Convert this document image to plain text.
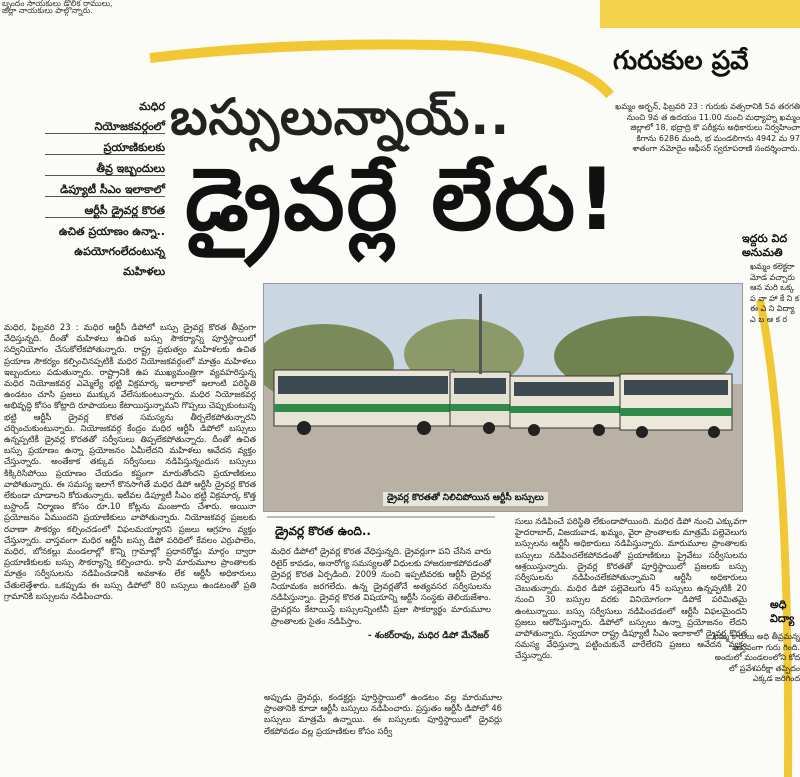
బృందం సాయకులు డొలిక రాములు,
జిల్లా నాయకులు పాల్గొన్నారు.
గురుకుల ప్రవే
ఖమ్మం అర్బన్, ఫిబ్రవరి 23 : గురుకు వత్సరానికి 5వ తరగతి నుంచి 9వ త ఉదయం 11.00 నుంచి మధ్యాహ్న ఖమ్మం జిల్లాలో 18, భద్రాద్రి కొ పరీక్షను అధికారులు నిర్వహించా కిగాను 6286 మంది, భ మండలిగాను 4942 మ 97 శాతంగా నమోదైం ఆఫీసర్ స్వరూపరాణి సందర్శించారు.
ఇద్దరు విద అనుమతి
ఖమ్మం కలెక్టరా మోడ వచ్చారు ఆన మరి ఒక్క ప వా హా కే ని క ఈ ఎ ని విద్యా ఎ బ ఆ క ర
అధి విద్యా
ఖమ్మ కారులు అధి తీవ్రమన్న వాస్తవంగా గురు గింది. అందులో మండలంలోని కోద లో ప్రవేశపరీక్షా తప్పిదం ఎక్కడ జరిగింద
బస్సులున్నాయ్..
డ్రైవర్లే లేరు!
మధిర
నియోజకవర్గంలో
ప్రయాణికులకు
తీవ్ర ఇబ్బందులు
డిప్యూటీ సీఎం ఇలాకాలో
ఆర్టీసీ డ్రైవర్ల కొరత
ఉచిత ప్రయాణం ఉన్నా..
ఉపయోగంలేదంటున్న
మహిళలు
మధిర, ఫిబ్రవరి 23 : మధిర ఆర్టీసీ డిపోలో బస్సు డ్రైవర్ల కొరత తీవ్రంగా వేధిస్తున్నది. దీంతో మహిళలు ఉచిత బస్సు సౌకర్యాన్ని పూర్తిస్థాయిలో సద్వినియోగం చేసుకోలేకపోతున్నారు. రాష్ట్ర ప్రభుత్వం మహిళలకు ఉచిత ప్రయాణ సౌకర్యం కల్పించినప్పటికీ మధిర నియోజకవర్గంలో మాత్రం మహిళలు ఇబ్బందులు పడుతున్నారు. రాష్ట్రానికి ఉప ముఖ్యమంత్రిగా వ్యవహరిస్తున్న మధిర నియోజకవర్గ ఎమ్మెల్యే భట్టి విక్రమార్క ఇలాకాలో ఇలాంటి పరిస్థితి ఉండటం చూసి ప్రజలు ముక్కున వేలేసుకుంటున్నారు. మధిర నియోజకవర్గ అభివృద్ధి కోసం కోట్లాది రూపాయలు కేటాయిస్తున్నామని గొప్పలు చెప్పుకుంటున్న భట్టి ఆర్టీసీ డ్రైవర్ల కొరత సమస్యను తీర్చలేకపోతున్నారని చర్చించుకుంటున్నారు. నియోజకవర్గ కేంద్రం మధిర ఆర్టీసీ డిపోలో బస్సులు ఉన్నప్పటికీ డ్రైవర్ల కొరతతో సర్వీసులు తిప్పలేకపోతున్నారు. దీంతో ఉచిత బస్సు ప్రయాణం ఉన్నా ప్రయోజనం ఏమీలేదని మహిళలు ఆవేదన వ్యక్తం చేస్తున్నారు. అంతేకాక తక్కువ సర్వీసులు నడిపిస్తున్నందున బస్సులు కిక్కిరిసిపోయి ప్రయాణం చేయడం కష్టంగా మారుతోందని ప్రయాణికులు వాపోతున్నారు. ఈ సమస్య ఇలాగే కొనసాగితే మధిర డిపో ఆర్టీసీ డ్రైవర్ల కొరత లేకుండా చూడాలని కోరుతున్నారు. ఇటీవల డిప్యూటీ సీఎం భట్టి విక్రమార్క కొత్త బస్టాండ్ నిర్మాణం కోసం రూ.10 కోట్లను మంజూరు చేశారు. అయినా ప్రయోజనం ఏముందని ప్రయాణికులు వాపోతున్నారు. నియోజకవర్గ ప్రజలకు రవాణా సౌకర్యం కల్పించడంలో విఫలమయ్యారని ప్రజలు ఆగ్రహం వ్యక్తం చేస్తున్నారు. వాస్తవంగా మధిర ఆర్టీసీ బస్సు డిపో పరిధిలో కేవలం ఎర్రుపాలెం, మధిర, బోనకల్లు మండలాల్లో కొన్ని గ్రామాల్లో ప్రధానరోడ్డు మార్గం ద్వారా ప్రయాణికులకు బస్సు సౌకర్యాన్ని కల్పించారు. కానీ మారుమూల ప్రాంతాలకు మాత్రం సర్వీసులను నడిపించడానికి అవకాశం లేక ఆర్టీసీ అధికారులు చేతులెత్తేశారు. ఒకప్పుడు ఈ బస్సు డిపోలో 80 బస్సులు ఉండటంతో ప్రతి గ్రామానికి బస్సులను నడిపించారు.
డ్రైవర్ల కొరతతో నిలిచిపోయిన ఆర్టీసీ బస్సులు
డ్రైవర్ల కొరత ఉంది..
మధిర డిపోలో డ్రైవర్ల కొరత వేధిస్తున్నది. డ్రైవర్లుగా పని చేసిన వారు రిటైర్ కావడం, అనారోగ్య సమస్యలతో విధులకు హాజరుకాకపోవడంతో డ్రైవర్ల కొరత ఏర్పడింది. 2009 నుంచి ఇప్పటివరకు ఆర్టీసీ డ్రైవర్ల నియామకం జరగలేదు. ఉన్న డ్రైవర్లతోనే అత్యవసర సర్వీసులను నడిపిస్తున్నాం. డ్రైవర్ల కొరత విషయాన్ని ఆర్టీసీ సంస్థకు తెలియజేశాం. డ్రైవర్లను కేటాయిస్తే బస్సులన్నింటినీ ప్రజా సౌకర్యార్థం మారుమూల ప్రాంతాలకు సైతం నడిపిస్తాం.
- శంకర్‌రావు, మధిర డిపో మేనేజర్
అప్పుడు డ్రైవర్లు, కండక్టర్లు పూర్తిస్థాయిలో ఉండటం వల్ల మారుమూల ప్రాంతానికి కూడా ఆర్టీసీ బస్సులు నడిపించారు. ప్రస్తుతం ఆర్టీసీ డిపోలో 46 బస్సులు మాత్రమే ఉన్నాయి. ఈ బస్సులకు పూర్తిస్థాయిలో డ్రైవర్లు లేకపోవడం వల్ల ప్రయాణికుల కోసం సర్వీ
సులు నడిపించే పరిస్థితి లేకుండాపోయింది. మధిర డిపో నుంచి ఎక్కువగా హైదరాబాద్, విజయవాడ, ఖమ్మం, వైరా ప్రాంతాలకు మాత్రమే పల్లెవెలుగు బస్సులను ఆర్టీసీ అధికారులు నడిపిస్తున్నారు. మారుమూల ప్రాంతాలకు బస్సులు నడిపించలేకపోవడంతో ప్రయాణికులు ప్రైవేటు సర్వీసులను ఆశ్రయిస్తున్నారు. డ్రైవర్ల కొరతతో పూర్తిస్థాయిలో ప్రజలకు బస్సు సర్వీసులను నడిపించలేకపోతున్నామని ఆర్టీసీ అధికారులు చెబుతున్నారు. మధిర డిపో పల్లెవెలుగు 45 బస్సులు ఉన్నప్పటికీ 20 నుంచి 30 బస్సుల వరకు వినియోగంగా డిపోకే పరిమితమై ఉంటున్నాయి. బస్సు సర్వీసులు నడిపించడంలో ఆర్టీసీ విఫలమైందని ప్రజలు ఆరోపిస్తున్నారు. డిపోలో బస్సులు ఉన్నా ప్రయోజనం లేదని వాపోతున్నారు. స్వయానా రాష్ట్ర డిప్యూటీ సీఎం ఇలాకాలో డ్రైవర్ల కొరత సమస్య వేధిస్తున్నా పట్టించుకునే వారేలేరని ప్రజలు ఆవేదన వ్యక్తం చేస్తున్నారు.
